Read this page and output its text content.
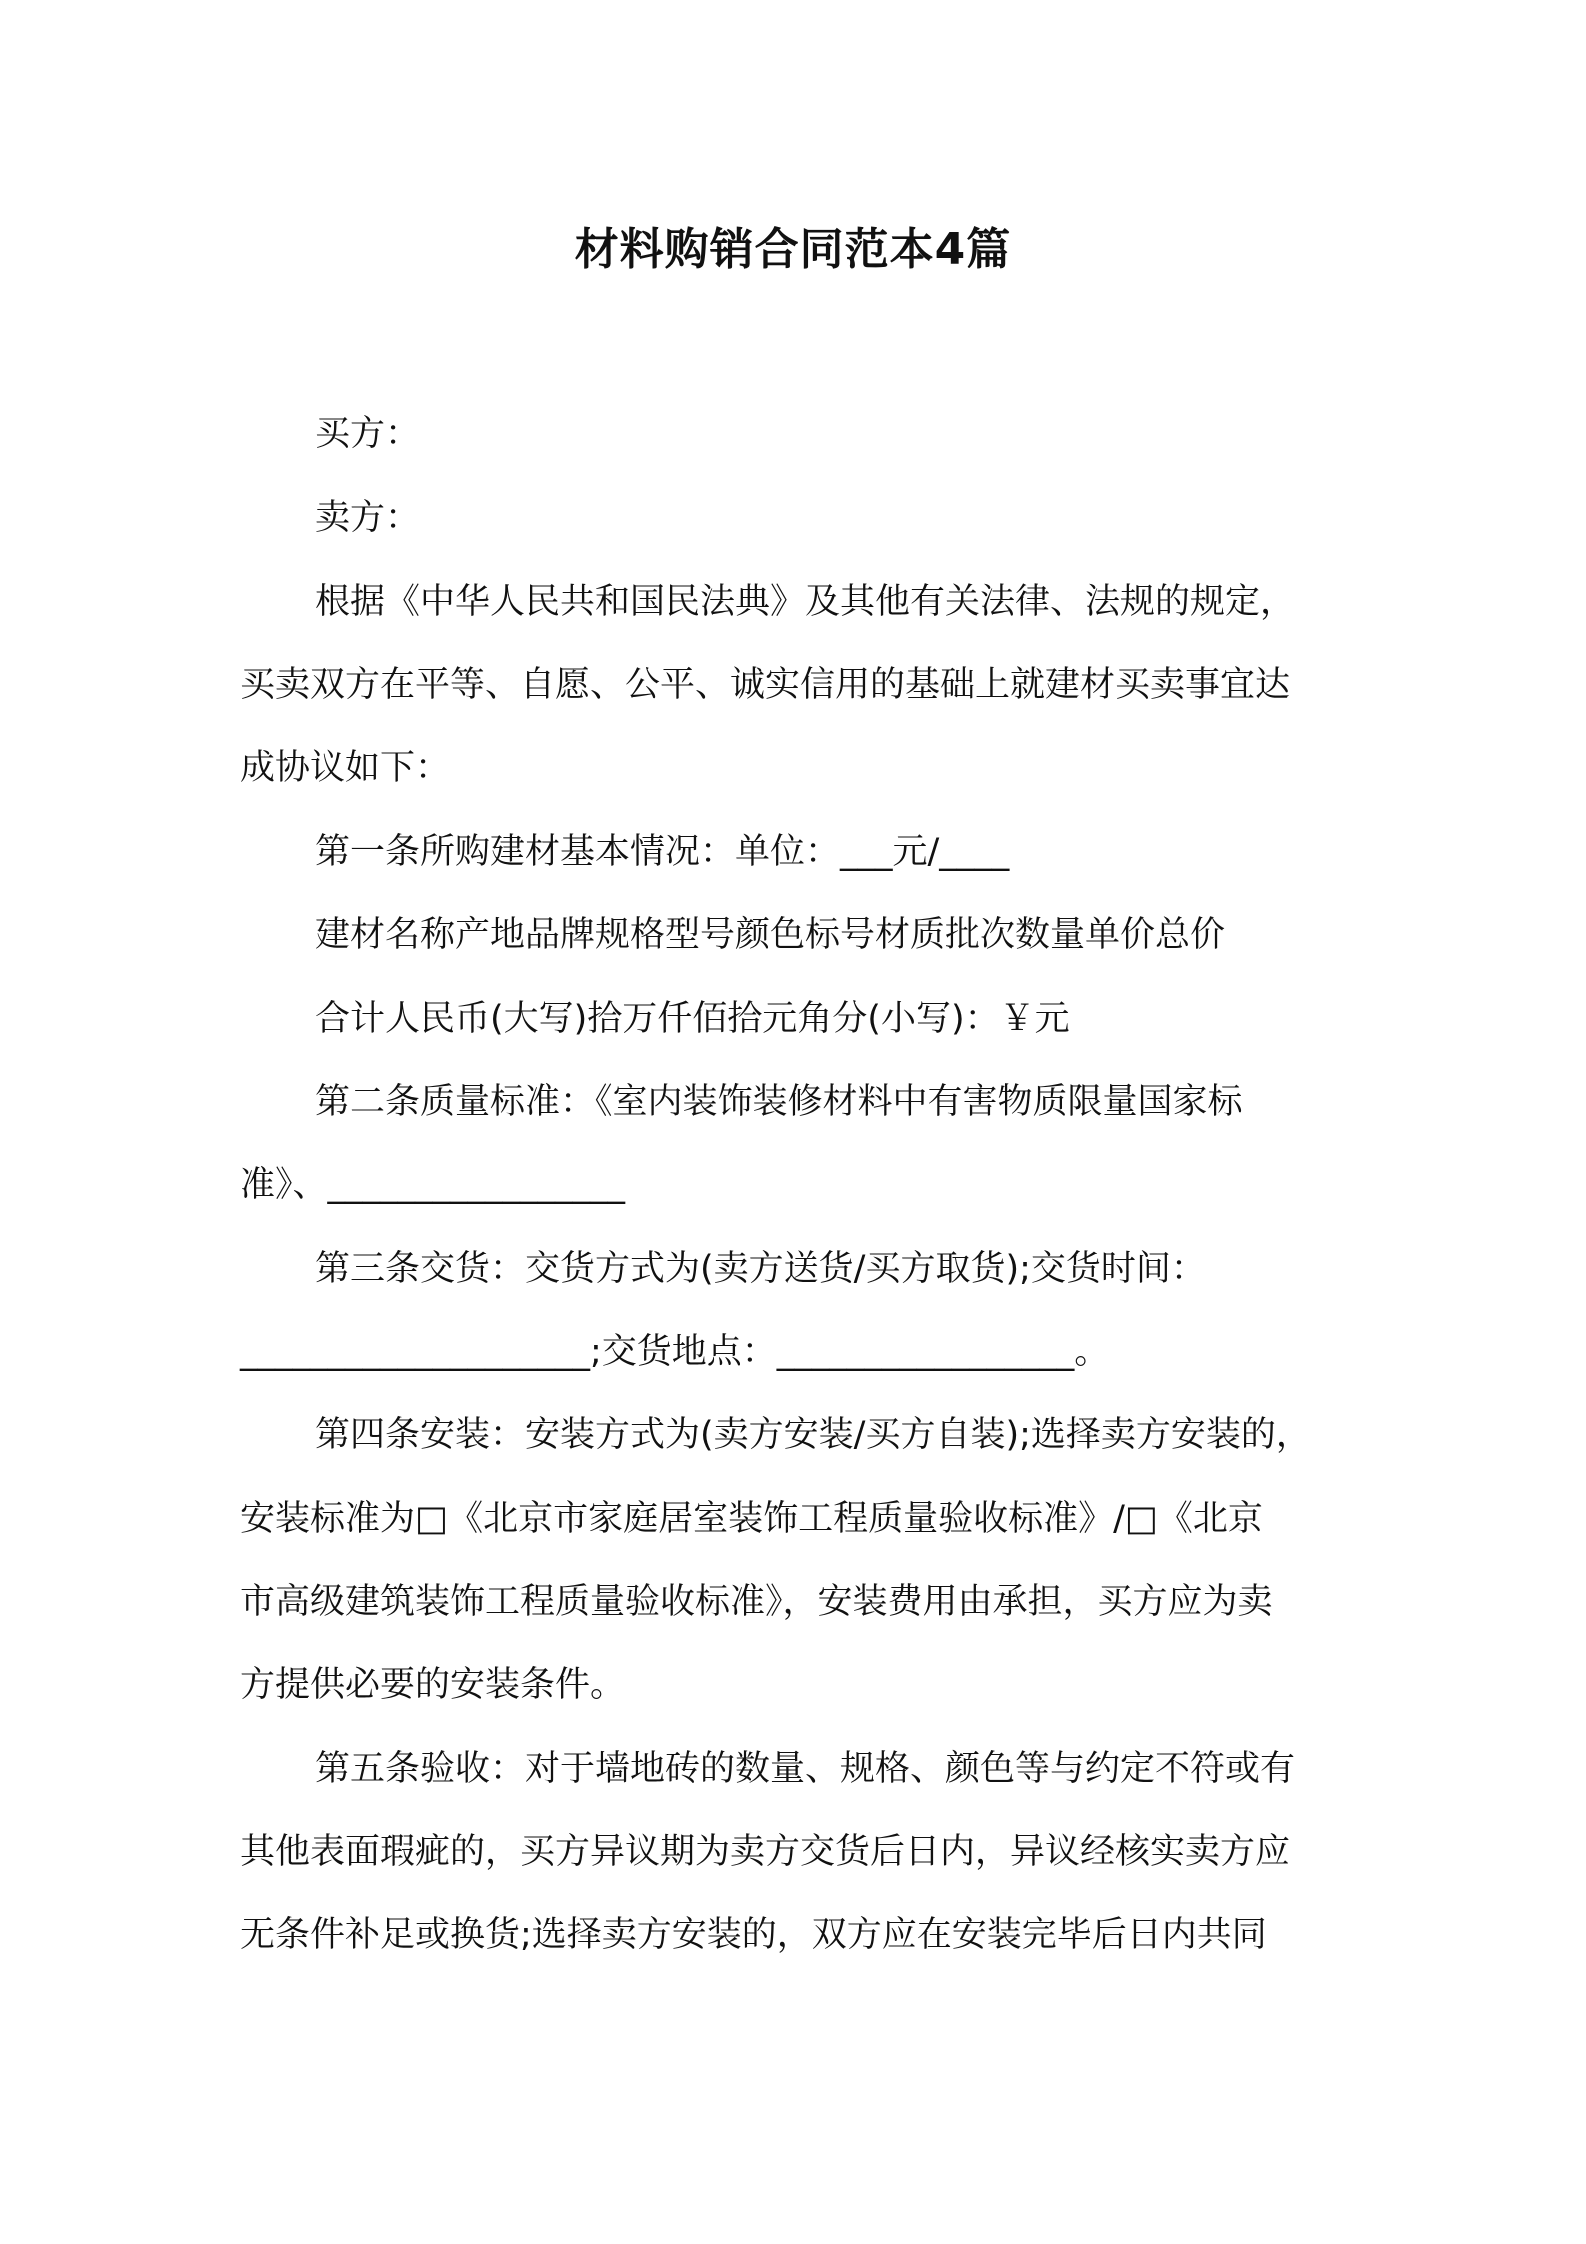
材料购销合同范本4篇
买方：
卖方：
根据《中华人民共和国民法典》及其他有关法律、法规的规定，
买卖双方在平等、自愿、公平、诚实信用的基础上就建材买卖事宜达
成协议如下：
第一条所购建材基本情况：单位：___元/____
建材名称产地品牌规格型号颜色标号材质批次数量单价总价
合计人民币(大写)拾万仟佰拾元角分(小写)：￥元
第二条质量标准：《室内装饰装修材料中有害物质限量国家标
准》、_________________
第三条交货：交货方式为(卖方送货/买方取货);交货时间：
____________________;交货地点：_________________。
第四条安装：安装方式为(卖方安装/买方自装);选择卖方安装的，
安装标准为□《北京市家庭居室装饰工程质量验收标准》/□《北京
市高级建筑装饰工程质量验收标准》，安装费用由承担，买方应为卖
方提供必要的安装条件。
第五条验收：对于墙地砖的数量、规格、颜色等与约定不符或有
其他表面瑕疵的，买方异议期为卖方交货后日内，异议经核实卖方应
无条件补足或换货;选择卖方安装的，双方应在安装完毕后日内共同
